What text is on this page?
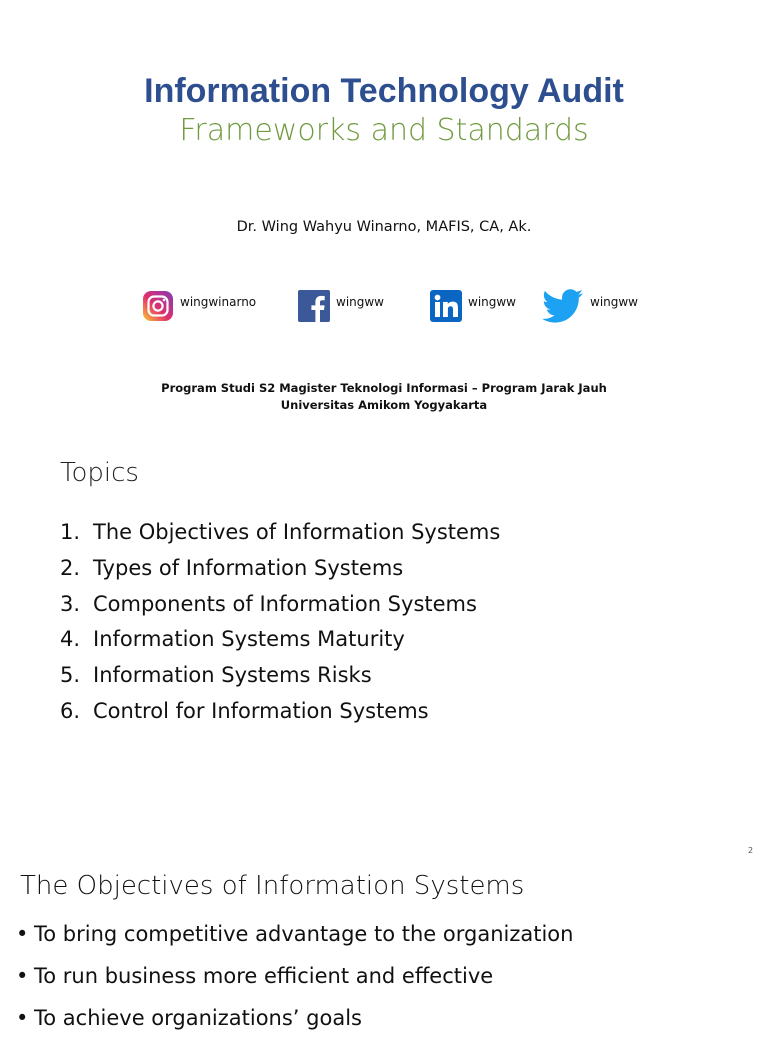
Information Technology Audit
Frameworks and Standards
Dr. Wing Wahyu Winarno, MAFIS, CA, Ak.
wingwinarno	wingww	wingww	wingww
Program Studi S2 Magister Teknologi Informasi – Program Jarak Jauh
Universitas Amikom Yogyakarta
Topics
1. The Objectives of Information Systems
2. Types of Information Systems
3. Components of Information Systems
4. Information Systems Maturity
5. Information Systems Risks
6. Control for Information Systems
2
The Objectives of Information Systems
• To bring competitive advantage to the organization
• To run business more efficient and effective
• To achieve organizations’ goals
